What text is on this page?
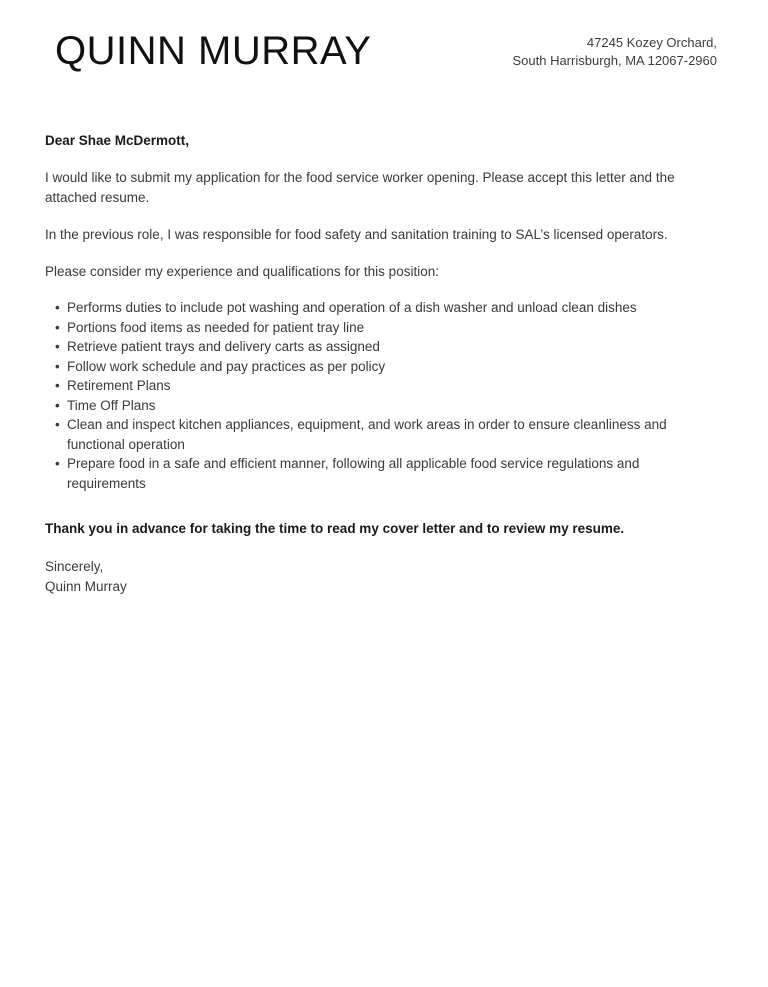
QUINN MURRAY	47245 Kozey Orchard,
South Harrisburgh, MA 12067-2960
Dear Shae McDermott,

I would like to submit my application for the food service worker opening. Please accept this letter and the attached resume.

In the previous role, I was responsible for food safety and sanitation training to SAL’s licensed operators.

Please consider my experience and qualifications for this position:

• Performs duties to include pot washing and operation of a dish washer and unload clean dishes
• Portions food items as needed for patient tray line
• Retrieve patient trays and delivery carts as assigned
• Follow work schedule and pay practices as per policy
• Retirement Plans
• Time Off Plans
• Clean and inspect kitchen appliances, equipment, and work areas in order to ensure cleanliness and functional operation
• Prepare food in a safe and efficient manner, following all applicable food service regulations and requirements
Thank you in advance for taking the time to read my cover letter and to review my resume.
Sincerely,
Quinn Murray
